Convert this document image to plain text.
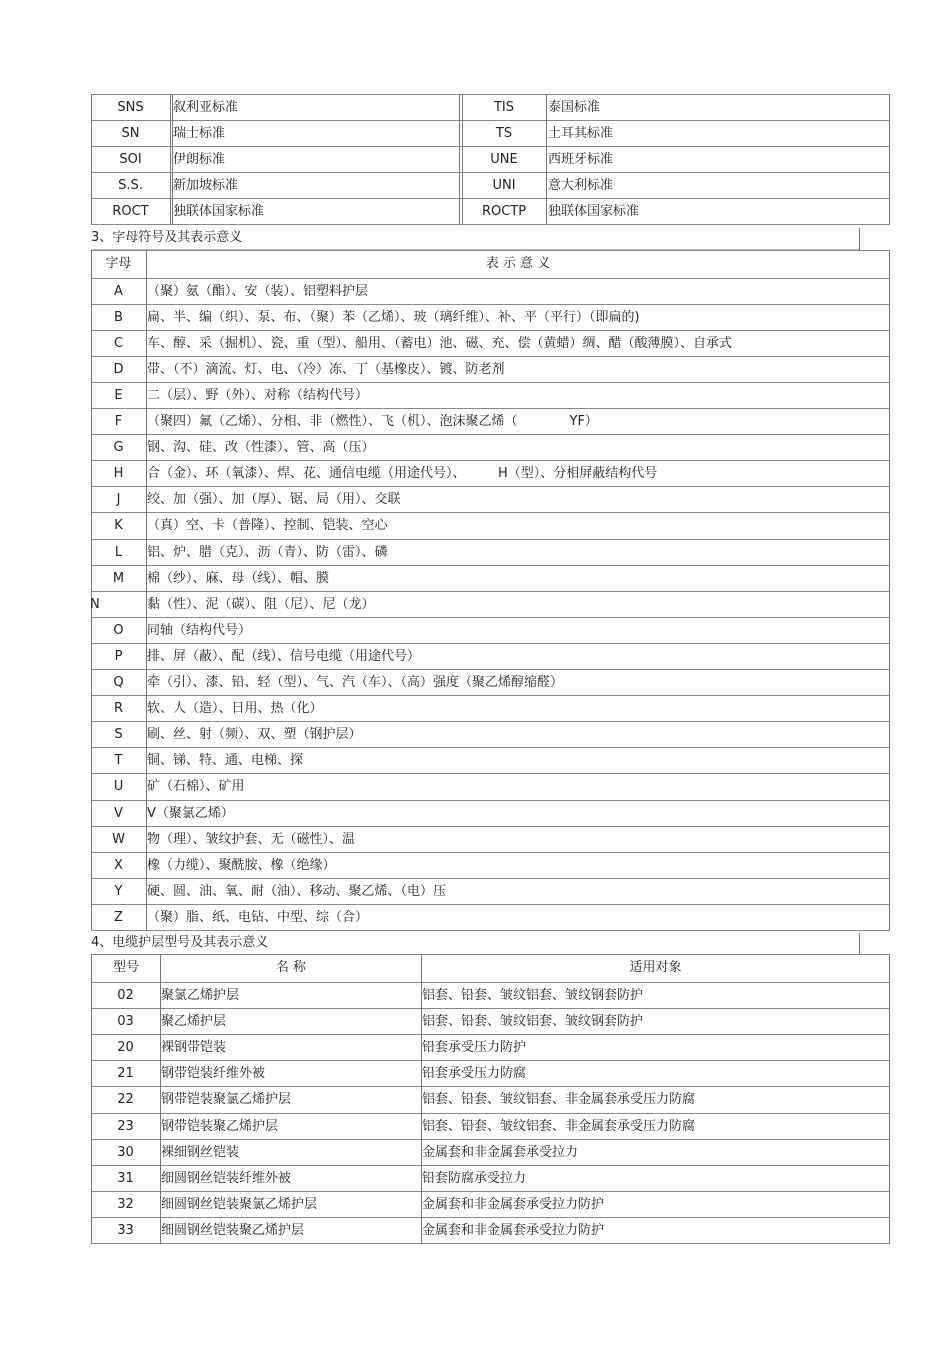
SNS	叙利亚标准	TIS	泰国标准
SN	瑞士标准	TS	土耳其标准
SOI	伊朗标准	UNE	西班牙标准
S.S.	新加坡标准	UNI	意大利标准
ROCT	独联体国家标准	ROCTP	独联体国家标准
3、字母符号及其表示意义
字母	表 示 意 义
A	（聚）氨（酯）、安（装）、铝塑料护层
B	扁、半、编（织）、泵、布、（聚）苯（乙烯）、玻（璃纤维）、补、平（平行）（即扁的)
C	车、醇、采（掘机）、瓷、重（型）、船用、（蓄电）池、磁、充、偿（黄蜡）绸、醋（酸薄膜）、自承式
D	带、（不）滴流、灯、电、（冷）冻、丁（基橡皮）、镀、防老剂
E	二（层）、野（外）、对称（结构代号）
F	（聚四）氟（乙烯）、分相、非（燃性）、飞（机）、泡沫聚乙烯（　　　　YF）
G	钢、沟、硅、改（性漆）、管、高（压）
H	合（金）、环（氧漆）、焊、花、通信电缆（用途代号）、　　　H（型）、分相屏蔽结构代号
J	绞、加（强）、加（厚）、锯、局（用）、交联
K	（真）空、卡（普隆）、控制、铠装、空心
L	铝、炉、腊（克）、沥（青）、防（雷）、磷
M	棉（纱）、麻、母（线）、帽、膜
N	黏（性）、泥（碳）、阻（尼）、尼（龙）
O	同轴（结构代号）
P	排、屏（蔽）、配（线）、信号电缆（用途代号）
Q	牵（引）、漆、铅、轻（型）、气、汽（车）、（高）强度（聚乙烯醇缩醛）
R	软、人（造）、日用、热（化）
S	刷、丝、射（频）、双、塑（钢护层）
T	铜、锑、特、通、电梯、探
U	矿（石棉）、矿用
V	V（聚氯乙烯）
W	物（理）、皱纹护套、无（磁性）、温
X	橡（力缆）、聚酰胺、橡（绝缘）
Y	硬、圆、油、氧、耐（油）、移动、聚乙烯、（电）压
Z	（聚）脂、纸、电钻、中型、综（合）
4、电缆护层型号及其表示意义
型号	名 称	适用对象
02	聚氯乙烯护层	铝套、铅套、皱纹铝套、皱纹钢套防护
03	聚乙烯护层	铝套、铅套、皱纹铝套、皱纹钢套防护
20	裸钢带铠装	铅套承受压力防护
21	钢带铠装纤维外被	铅套承受压力防腐
22	钢带铠装聚氯乙烯护层	铝套、铅套、皱纹铝套、非金属套承受压力防腐
23	钢带铠装聚乙烯护层	铝套、铅套、皱纹铝套、非金属套承受压力防腐
30	裸细钢丝铠装	金属套和非金属套承受拉力
31	细圆钢丝铠装纤维外被	铅套防腐承受拉力
32	细圆钢丝铠装聚氯乙烯护层	金属套和非金属套承受拉力防护
33	细圆钢丝铠装聚乙烯护层	金属套和非金属套承受拉力防护
